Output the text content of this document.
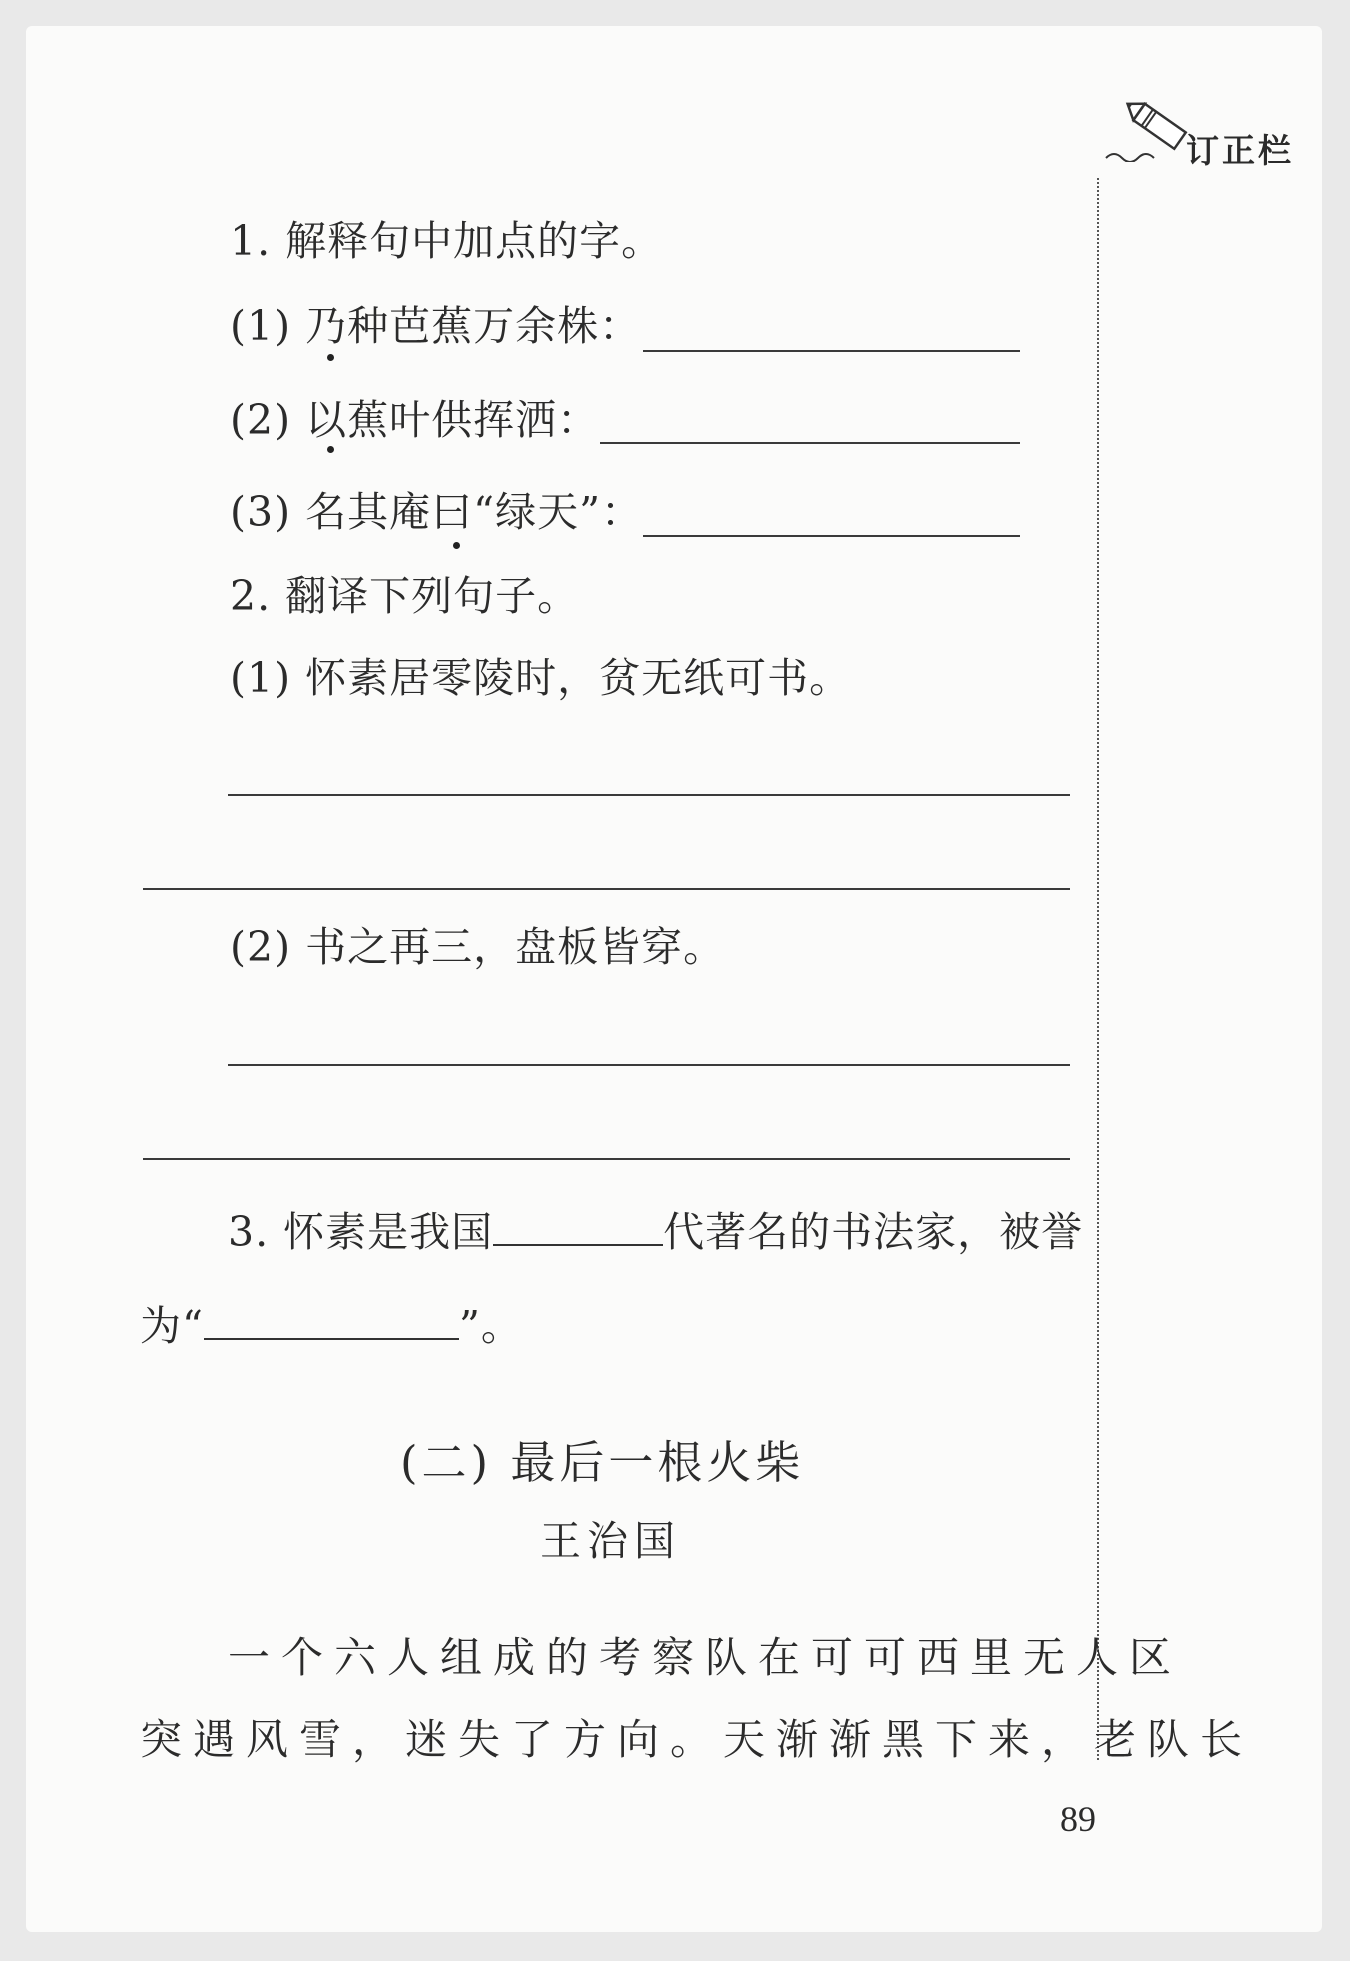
订正栏
1. 解释句中加点的字。
(1) 乃种芭蕉万余株：
(2) 以蕉叶供挥洒：
(3) 名其庵曰“绿天”：
2. 翻译下列句子。
(1) 怀素居零陵时，贫无纸可书。
(2) 书之再三，盘板皆穿。
3. 怀素是我国	代著名的书法家，被誉
为“	”。
(二) 最后一根火柴
王治国
一个六人组成的考察队在可可西里无人区
突遇风雪，迷失了方向。天渐渐黑下来，老队长
89
